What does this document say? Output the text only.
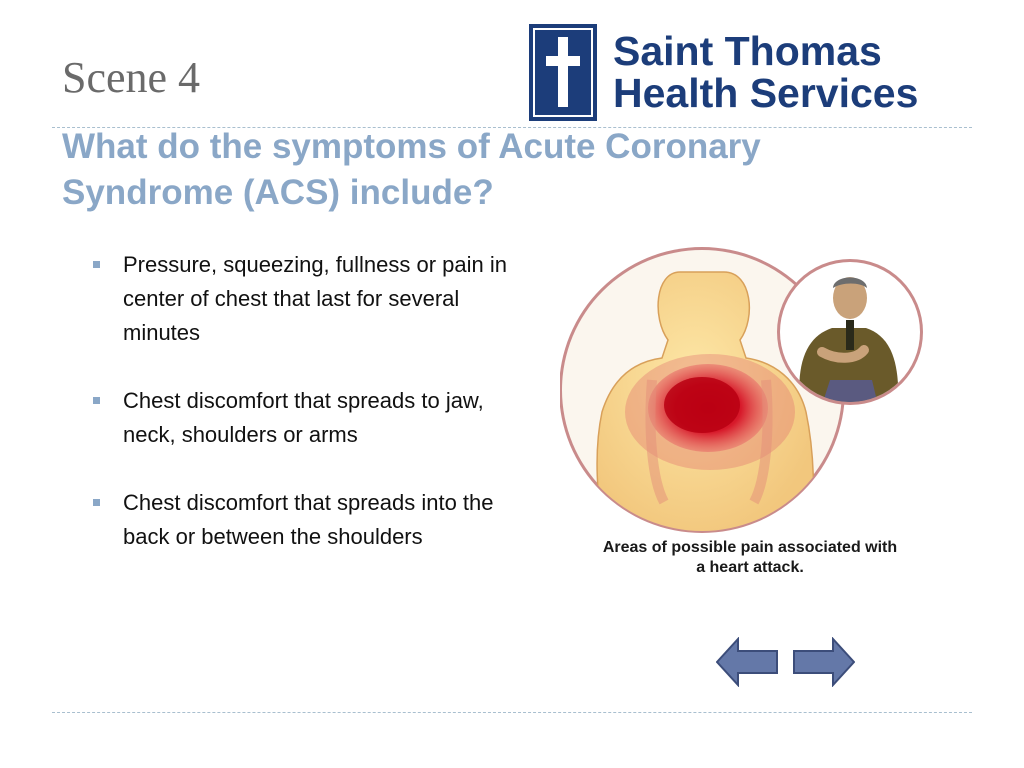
Scene 4
Saint Thomas
Health Services
What do the symptoms of Acute Coronary Syndrome (ACS) include?
Pressure, squeezing, fullness or pain in center of chest that last for several minutes
Chest discomfort that spreads to jaw, neck, shoulders or arms
Chest discomfort that spreads into the back or between the shoulders	Areas of possible pain associated with
a heart attack.
